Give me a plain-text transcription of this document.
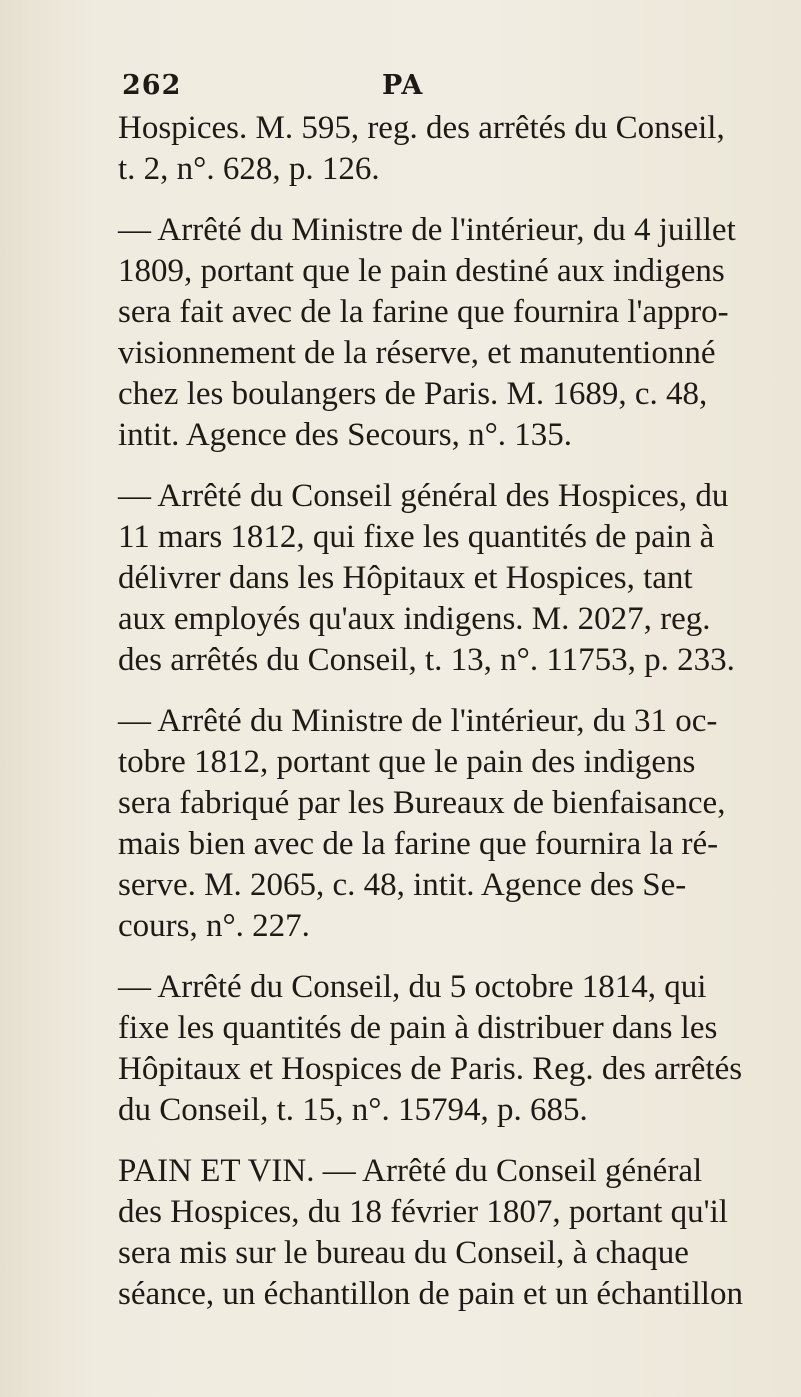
262	PA
Hospices. M. 595, reg. des arrêtés du Conseil,
t. 2, n°. 628, p. 126.
— Arrêté du Ministre de l'intérieur, du 4 juillet
1809, portant que le pain destiné aux indigens
sera fait avec de la farine que fournira l'appro-
visionnement de la réserve, et manutentionné
chez les boulangers de Paris. M. 1689, c. 48,
intit. Agence des Secours, n°. 135.
— Arrêté du Conseil général des Hospices, du
11 mars 1812, qui fixe les quantités de pain à
délivrer dans les Hôpitaux et Hospices, tant
aux employés qu'aux indigens. M. 2027, reg.
des arrêtés du Conseil, t. 13, n°. 11753, p. 233.
— Arrêté du Ministre de l'intérieur, du 31 oc-
tobre 1812, portant que le pain des indigens
sera fabriqué par les Bureaux de bienfaisance,
mais bien avec de la farine que fournira la ré-
serve. M. 2065, c. 48, intit. Agence des Se-
cours, n°. 227.
— Arrêté du Conseil, du 5 octobre 1814, qui
fixe les quantités de pain à distribuer dans les
Hôpitaux et Hospices de Paris. Reg. des arrêtés
du Conseil, t. 15, n°. 15794, p. 685.
PAIN ET VIN. — Arrêté du Conseil général
des Hospices, du 18 février 1807, portant qu'il
sera mis sur le bureau du Conseil, à chaque
séance, un échantillon de pain et un échantillon
